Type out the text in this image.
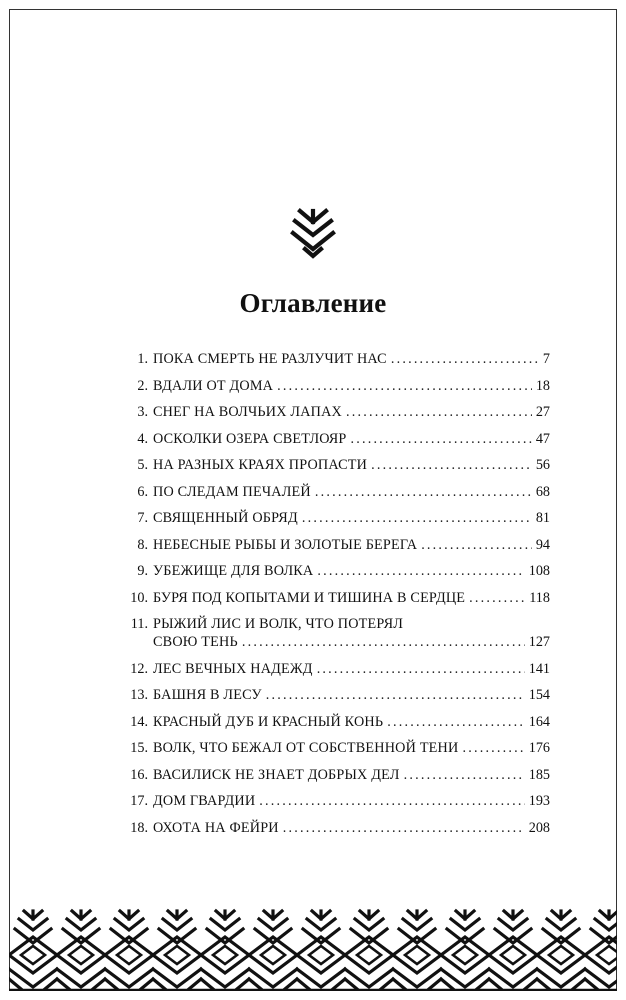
Оглавление
1. ПОКА СМЕРТЬ НЕ РАЗЛУЧИТ НАС .....	7
2. ВДАЛИ ОТ ДОМА .....	18
3. СНЕГ НА ВОЛЧЬИХ ЛАПАХ .....	27
4. ОСКОЛКИ ОЗЕРА СВЕТЛОЯР .....	47
5. НА РАЗНЫХ КРАЯХ ПРОПАСТИ .....	56
6. ПО СЛЕДАМ ПЕЧАЛЕЙ .....	68
7. СВЯЩЕННЫЙ ОБРЯД .....	81
8. НЕБЕСНЫЕ РЫБЫ И ЗОЛОТЫЕ БЕРЕГА .....	94
9. УБЕЖИЩЕ ДЛЯ ВОЛКА .....	108
10. БУРЯ ПОД КОПЫТАМИ И ТИШИНА В СЕРДЦЕ .....	118
11. РЫЖИЙ ЛИС И ВОЛК, ЧТО ПОТЕРЯЛ
СВОЮ ТЕНЬ .....	127
12. ЛЕС ВЕЧНЫХ НАДЕЖД .....	141
13. БАШНЯ В ЛЕСУ .....	154
14. КРАСНЫЙ ДУБ И КРАСНЫЙ КОНЬ .....	164
15. ВОЛК, ЧТО БЕЖАЛ ОТ СОБСТВЕННОЙ ТЕНИ .....	176
16. ВАСИЛИСК НЕ ЗНАЕТ ДОБРЫХ ДЕЛ .....	185
17. ДОМ ГВАРДИИ .....	193
18. ОХОТА НА ФЕЙРИ .....	208
